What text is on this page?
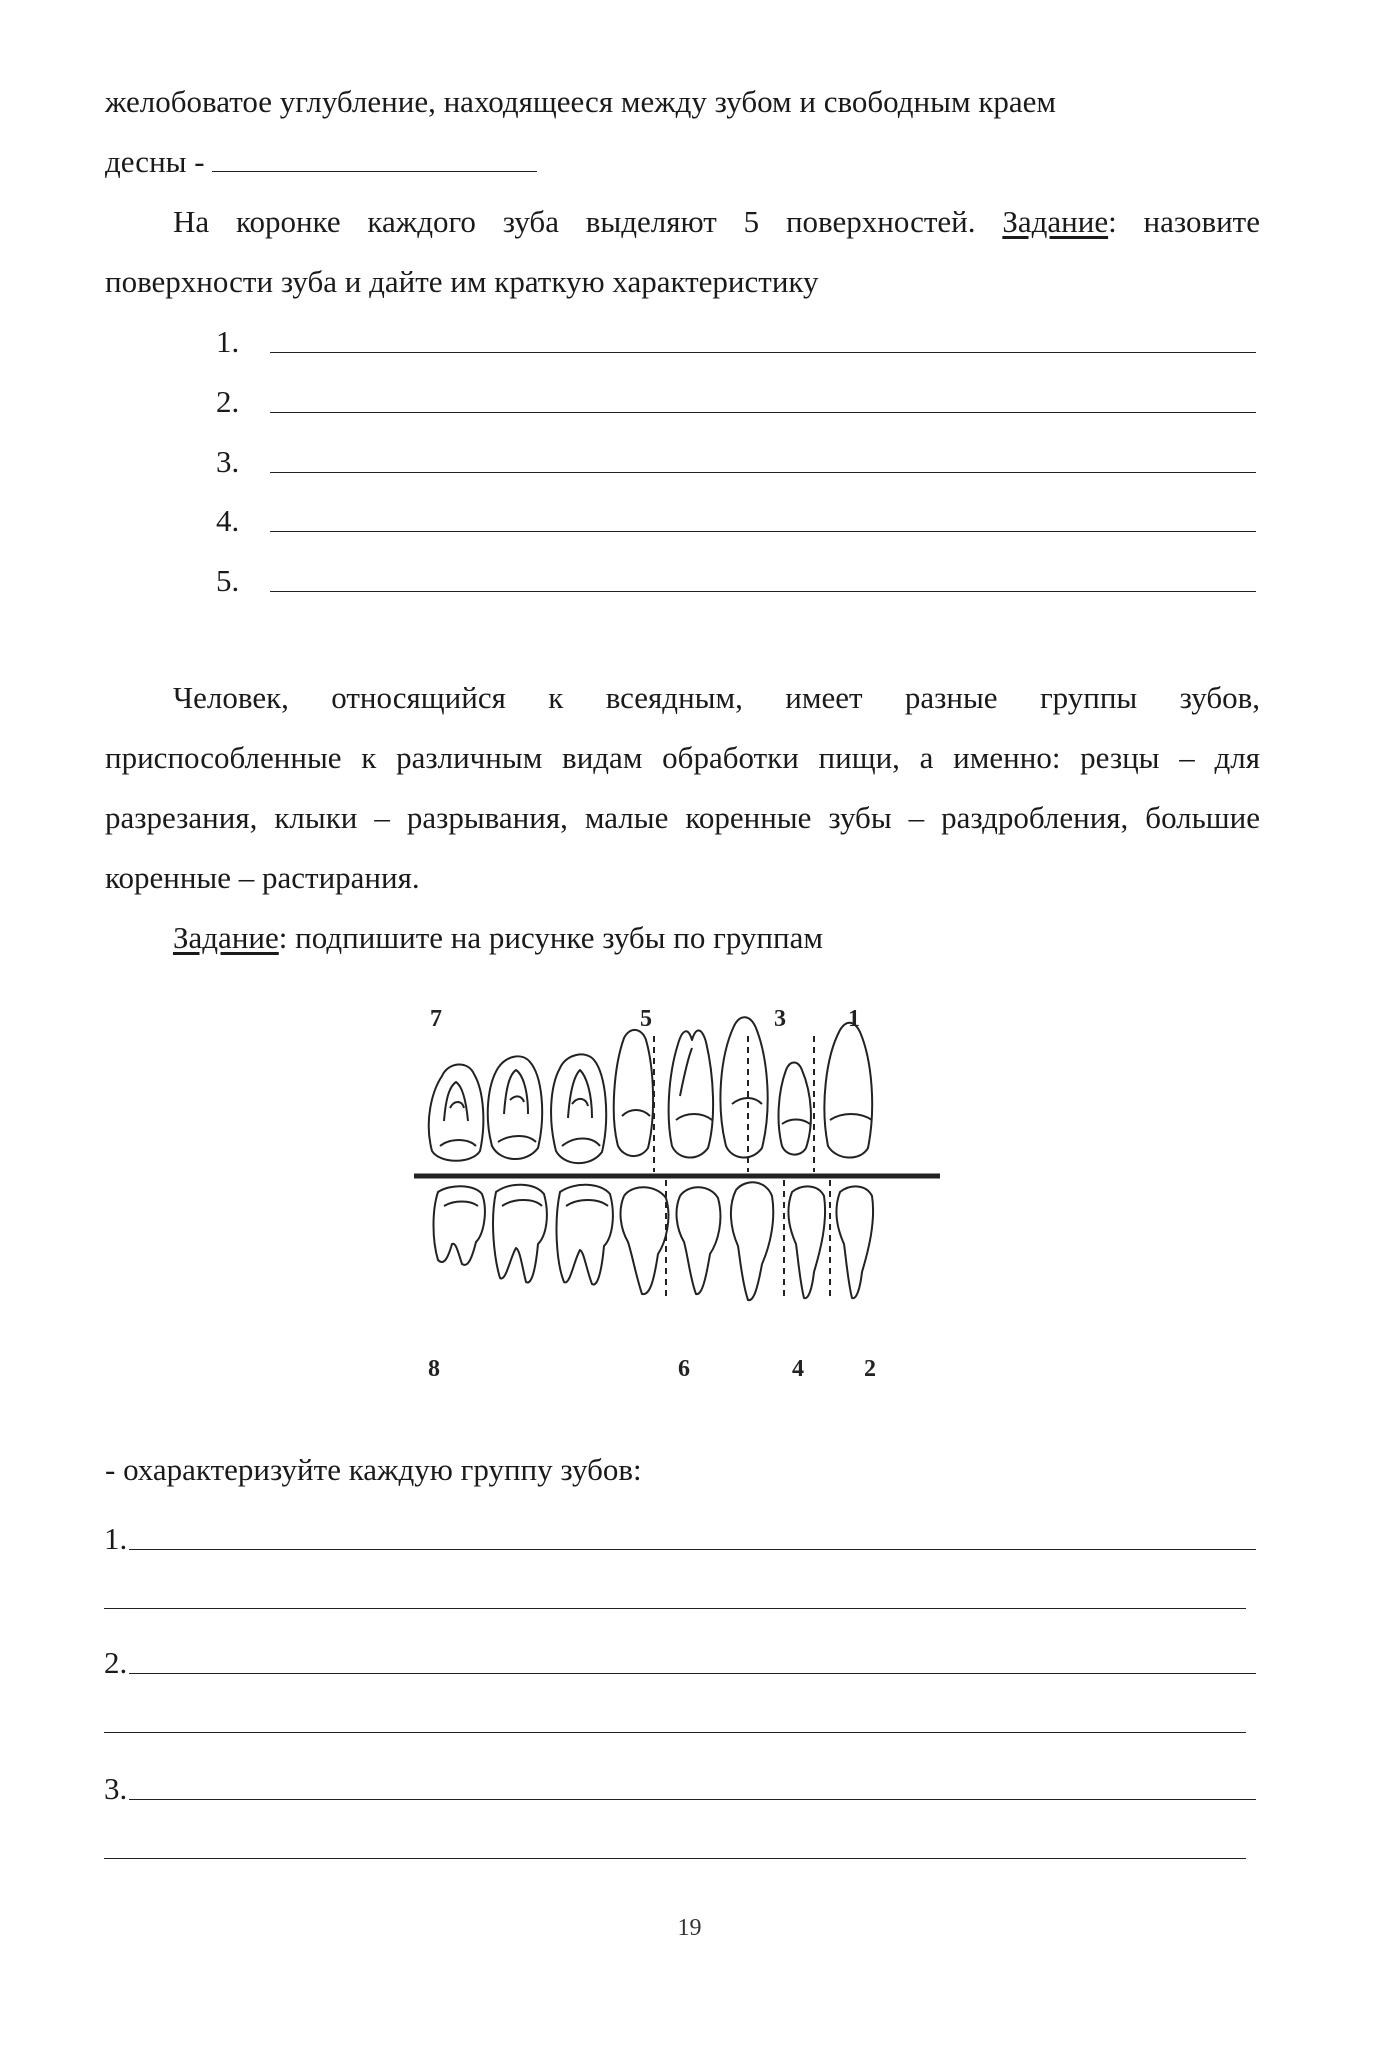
желобоватое углубление, находящееся между зубом и свободным краем
десны -
На коронке каждого зуба выделяют 5 поверхностей. Задание: назовите поверхности зуба и дайте им краткую характеристику
1.
2.
3.
4.
5.
Человек, относящийся к всеядным, имеет разные группы зубов, приспособленные к различным видам обработки пищи, а именно: резцы – для разрезания, клыки – разрывания, малые коренные зубы – раздробления, большие коренные – растирания.
Задание: подпишите на рисунке зубы по группам
7	5	3	1
8	6	4	2
- охарактеризуйте каждую группу зубов:
1.
2.
3.
19
